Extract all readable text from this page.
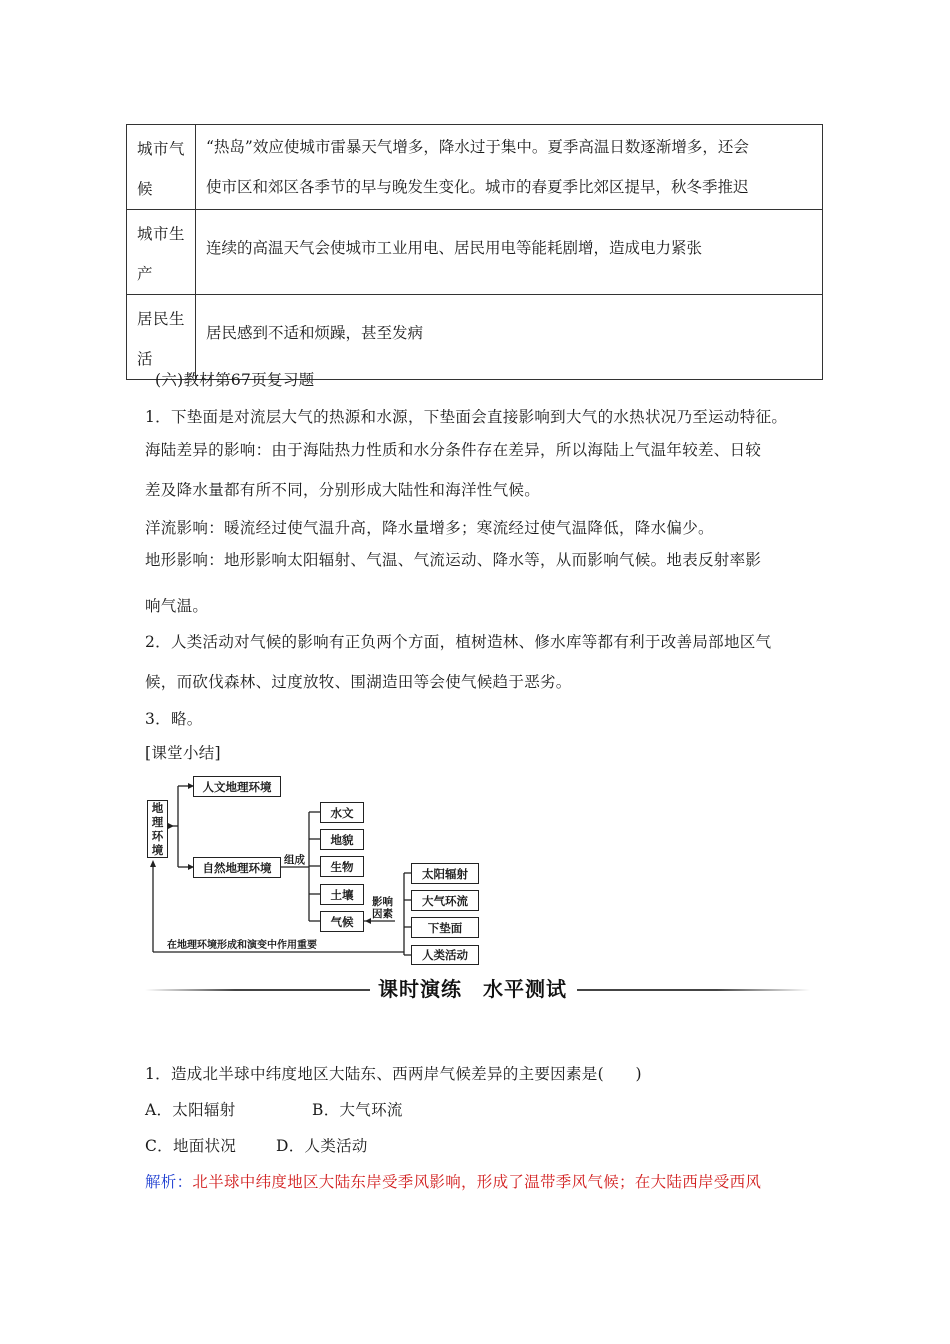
城市气
候	“热岛”效应使城市雷暴天气增多，降水过于集中。夏季高温日数逐渐增多，还会
使市区和郊区各季节的早与晚发生变化。城市的春夏季比郊区提早，秋冬季推迟
城市生
产	连续的高温天气会使城市工业用电、居民用电等能耗剧增，造成电力紧张
居民生
活	居民感到不适和烦躁，甚至发病
(六)教材第67页复习题
1．下垫面是对流层大气的热源和水源，下垫面会直接影响到大气的水热状况乃至运动特征。
海陆差异的影响：由于海陆热力性质和水分条件存在差异，所以海陆上气温年较差、日较
差及降水量都有所不同，分别形成大陆性和海洋性气候。
洋流影响：暖流经过使气温升高，降水量增多；寒流经过使气温降低，降水偏少。
地形影响：地形影响太阳辐射、气温、气流运动、降水等，从而影响气候。地表反射率影
响气温。
2．人类活动对气候的影响有正负两个方面，植树造林、修水库等都有利于改善局部地区气
候，而砍伐森林、过度放牧、围湖造田等会使气候趋于恶劣。
3．略。
[课堂小结]
地
理
环
境
人文地理环境
自然地理环境
组成
水文
地貌
生物
土壤
气候
影响
因素
太阳辐射
大气环流
下垫面
人类活动
在地理环境形成和演变中作用重要
课时演练　水平测试
1．造成北半球中纬度地区大陆东、西两岸气候差异的主要因素是(　　)
A．太阳辐射	B．大气环流
C．地面状况	D．人类活动
解析：北半球中纬度地区大陆东岸受季风影响，形成了温带季风气候；在大陆西岸受西风
